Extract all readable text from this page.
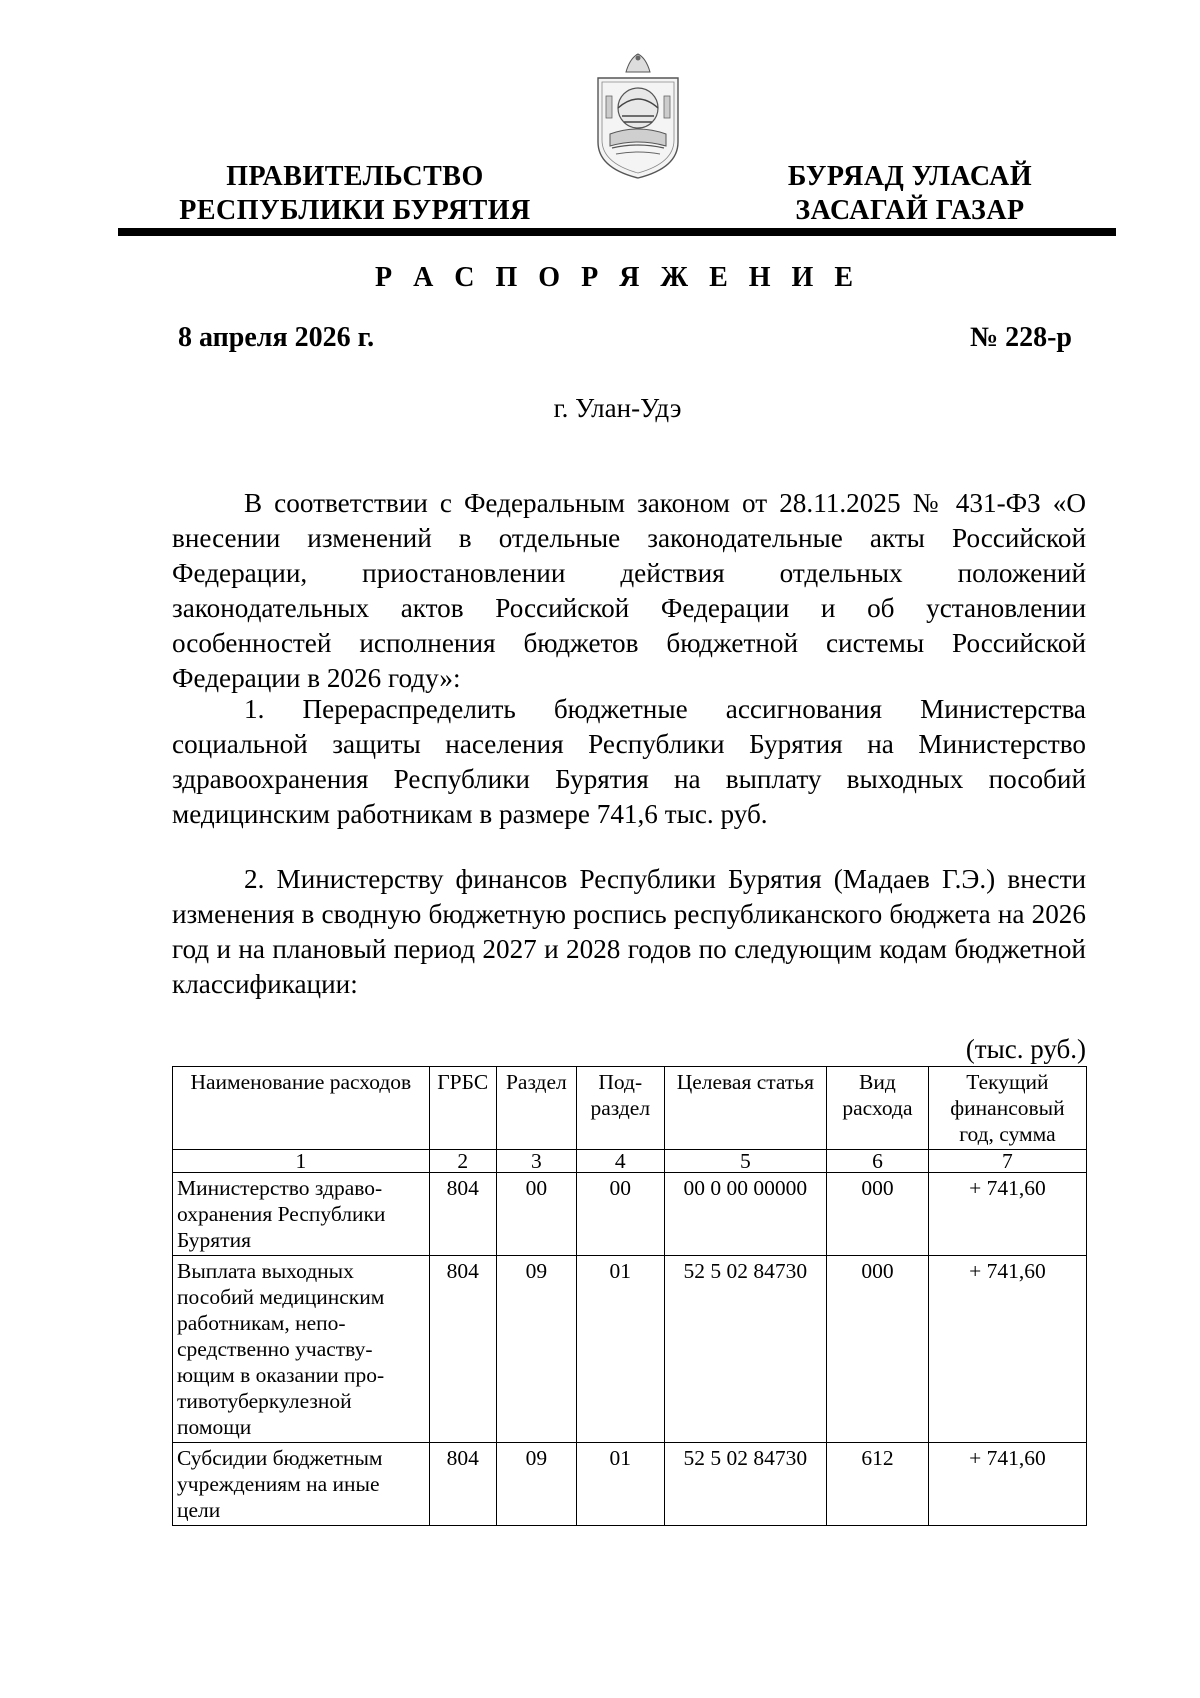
ПРАВИТЕЛЬСТВО
РЕСПУБЛИКИ БУРЯТИЯ
БУРЯАД УЛАСАЙ
ЗАСАГАЙ ГАЗАР
Р А С П О Р Я Ж Е Н И Е
8 апреля 2026 г.	№ 228-р
г. Улан-Удэ

В соответствии с Федеральным законом от 28.11.2025 № 431-ФЗ «О внесении изменений в отдельные законодательные акты Российской Федерации, приостановлении действия отдельных положений законодательных актов Российской Федерации и об установлении особенностей исполнения бюджетов бюджетной системы Российской Федерации в 2026 году»:

1. Перераспределить бюджетные ассигнования Министерства социальной защиты населения Республики Бурятия на Министерство здравоохранения Республики Бурятия на выплату выходных пособий медицинским работникам в размере 741,6 тыс. руб.

2. Министерству финансов Республики Бурятия (Мадаев Г.Э.) внести изменения в сводную бюджетную роспись республиканского бюджета на 2026 год и на плановый период 2027 и 2028 годов по следующим кодам бюджетной классификации:

(тыс. руб.)
Наименование расходов	ГРБС	Раздел	Под-раздел	Целевая статья	Вид расхода	Текущий финансовый год, сумма
1	2	3	4	5	6	7
Министерство здраво-охранения Республики Бурятия	804	00	00	00 0 00 00000	000	+ 741,60
Выплата выходных пособий медицинским работникам, непо-средственно участву-ющим в оказании про-тивотуберкулезной помощи	804	09	01	52 5 02 84730	000	+ 741,60
Субсидии бюджетным учреждениям на иные цели	804	09	01	52 5 02 84730	612	+ 741,60
